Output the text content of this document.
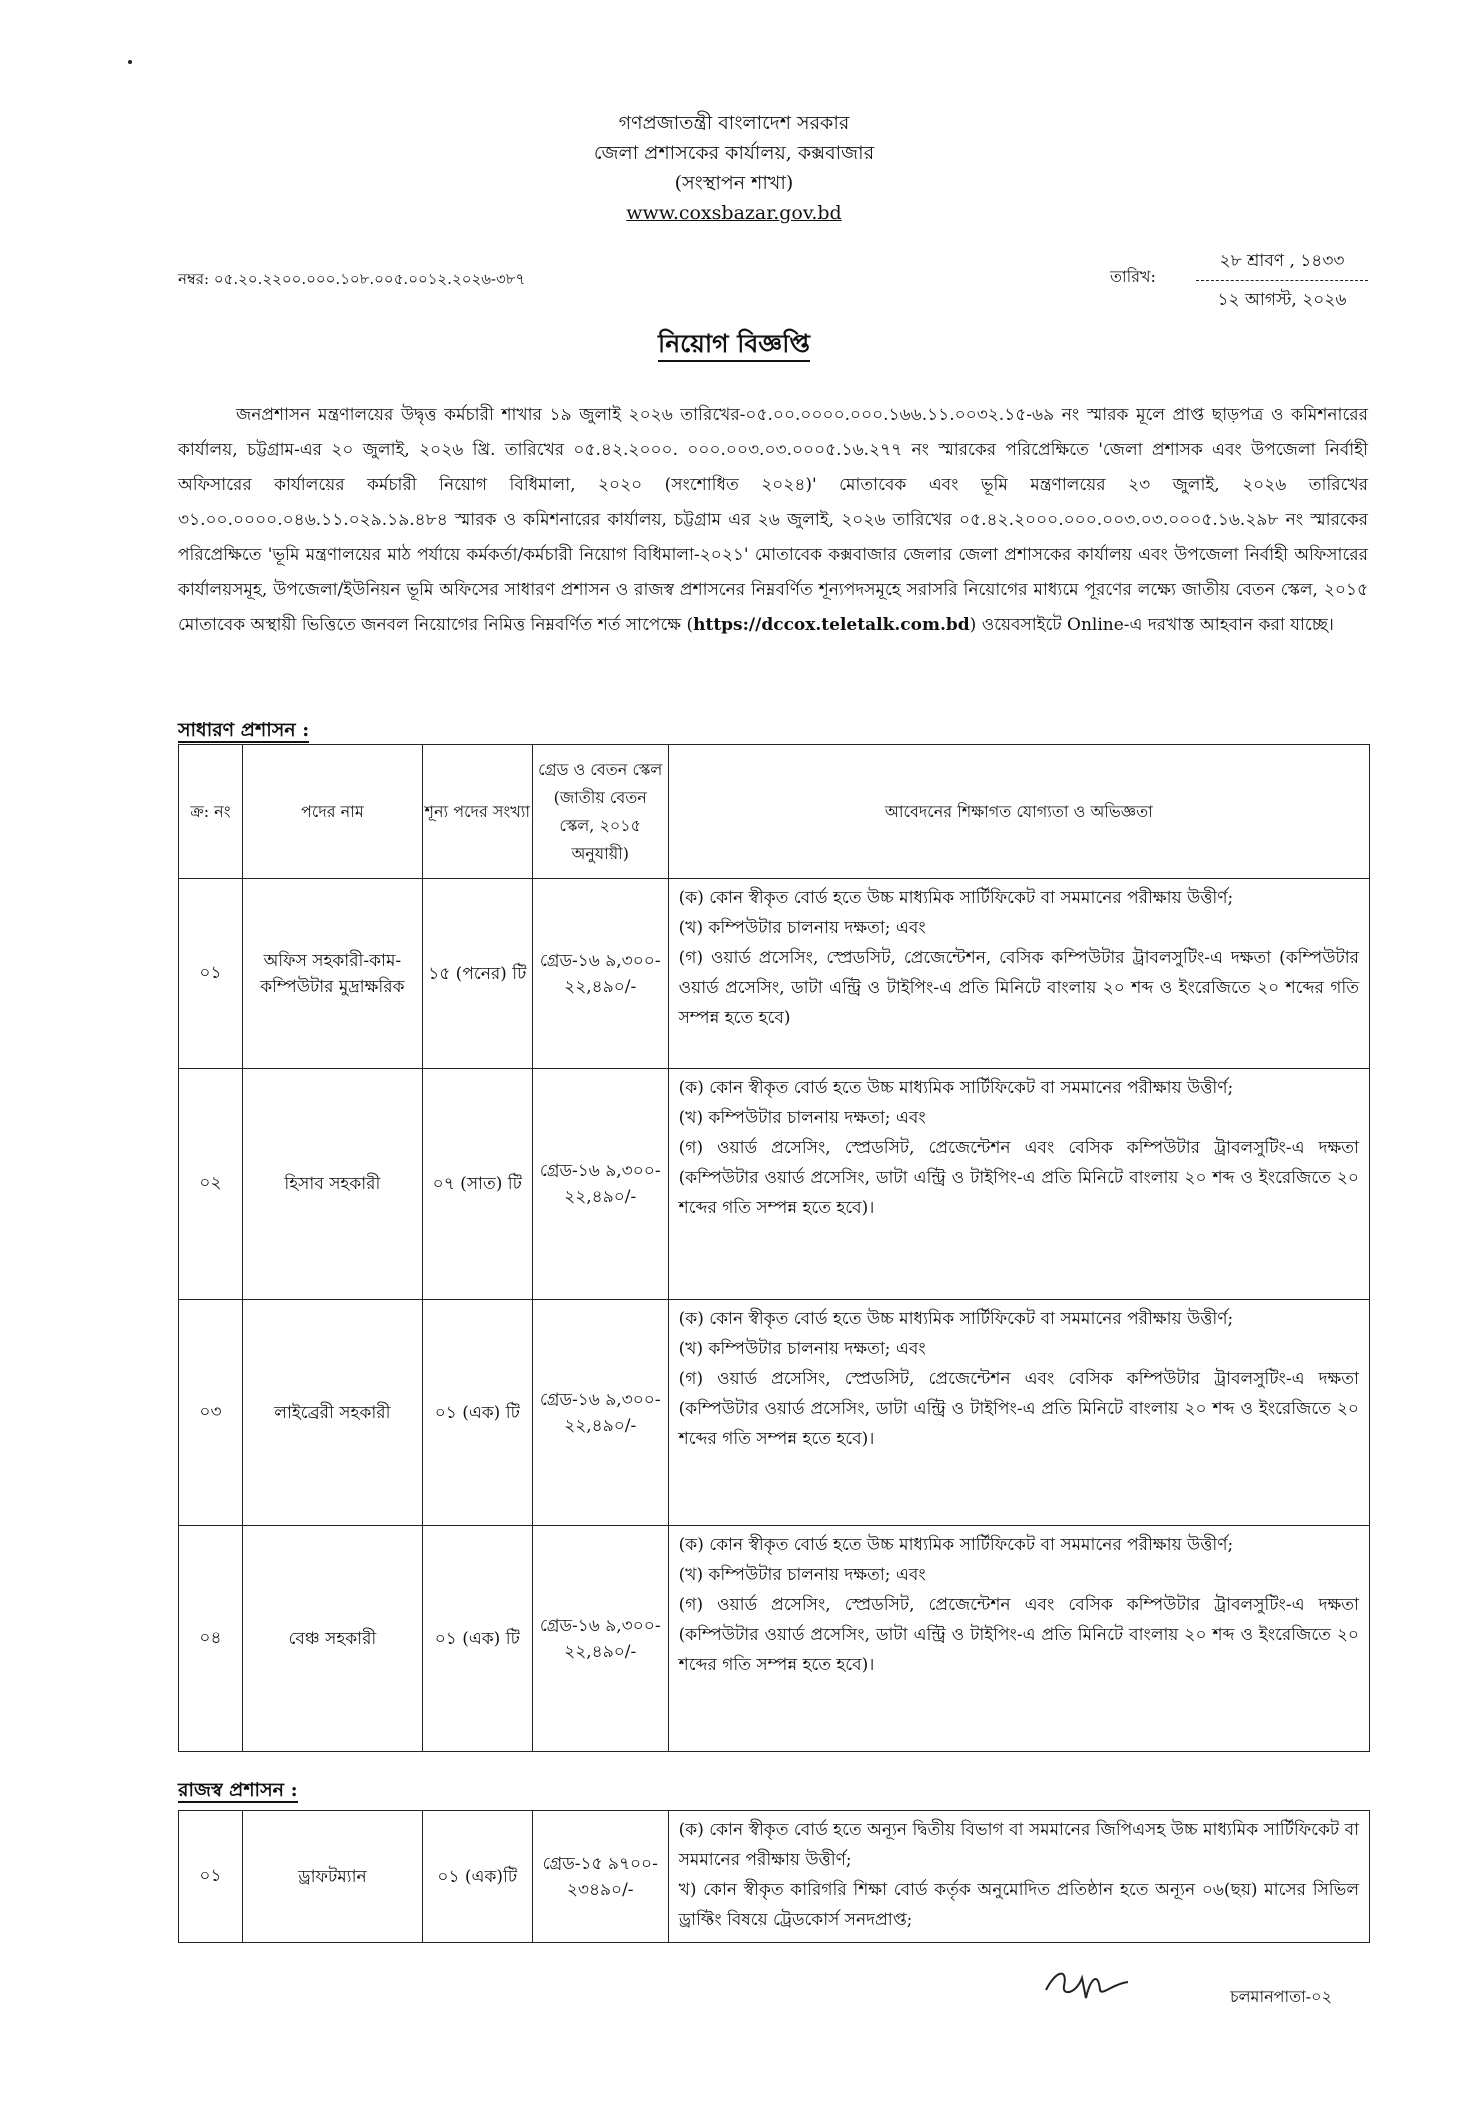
গণপ্রজাতন্ত্রী বাংলাদেশ সরকার
জেলা প্রশাসকের কার্যালয়, কক্সবাজার
(সংস্থাপন শাখা)
www.coxsbazar.gov.bd
নম্বর: ০৫.২০.২২০০.০০০.১০৮.০০৫.০০১২.২০২৬-৩৮৭	তারিখ:
২৮ শ্রাবণ , ১৪৩৩
১২ আগস্ট, ২০২৬
নিয়োগ বিজ্ঞপ্তি
জনপ্রশাসন মন্ত্রণালয়ের উদ্বৃত্ত কর্মচারী শাখার ১৯ জুলাই ২০২৬ তারিখের-০৫.০০.০০০০.০০০.১৬৬.১১.০০৩২.১৫-৬৯ নং স্মারক মূলে প্রাপ্ত ছাড়পত্র ও কমিশনারের কার্যালয়, চট্টগ্রাম-এর ২০ জুলাই, ২০২৬ খ্রি. তারিখের ০৫.৪২.২০০০. ০০০.০০৩.০৩.০০০৫.১৬.২৭৭ নং স্মারকের পরিপ্রেক্ষিতে 'জেলা প্রশাসক এবং উপজেলা নির্বাহী অফিসারের কার্যালয়ের কর্মচারী নিয়োগ বিধিমালা, ২০২০ (সংশোধিত ২০২৪)' মোতাবেক এবং ভূমি মন্ত্রণালয়ের ২৩ জুলাই, ২০২৬ তারিখের ৩১.০০.০০০০.০৪৬.১১.০২৯.১৯.৪৮৪ স্মারক ও কমিশনারের কার্যালয়, চট্টগ্রাম এর ২৬ জুলাই, ২০২৬ তারিখের ০৫.৪২.২০০০.০০০.০০৩.০৩.০০০৫.১৬.২৯৮ নং স্মারকের পরিপ্রেক্ষিতে 'ভূমি মন্ত্রণালয়ের মাঠ পর্যায়ে কর্মকর্তা/কর্মচারী নিয়োগ বিধিমালা-২০২১' মোতাবেক কক্সবাজার জেলার জেলা প্রশাসকের কার্যালয় এবং উপজেলা নির্বাহী অফিসারের কার্যালয়সমূহ, উপজেলা/ইউনিয়ন ভূমি অফিসের সাধারণ প্রশাসন ও রাজস্ব প্রশাসনের নিম্নবর্ণিত শূন্যপদসমূহে সরাসরি নিয়োগের মাধ্যমে পূরণের লক্ষ্যে জাতীয় বেতন স্কেল, ২০১৫ মোতাবেক অস্থায়ী ভিত্তিতে জনবল নিয়োগের নিমিত্ত নিম্নবর্ণিত শর্ত সাপেক্ষে (https://dccox.teletalk.com.bd) ওয়েবসাইটে Online-এ দরখাস্ত আহবান করা যাচ্ছে।
সাধারণ প্রশাসন :
ক্র: নং	পদের নাম	শূন্য পদের সংখ্যা	গ্রেড ও বেতন স্কেল (জাতীয় বেতন স্কেল, ২০১৫ অনুযায়ী)	আবেদনের শিক্ষাগত যোগ্যতা ও অভিজ্ঞতা
০১	অফিস সহকারী-কাম-কম্পিউটার মুদ্রাক্ষরিক	১৫ (পনের) টি	গ্রেড-১৬ ৯,৩০০- ২২,৪৯০/-	(ক) কোন স্বীকৃত বোর্ড হতে উচ্চ মাধ্যমিক সার্টিফিকেট বা সমমানের পরীক্ষায় উত্তীর্ণ;

(খ) কম্পিউটার চালনায় দক্ষতা; এবং

(গ) ওয়ার্ড প্রসেসিং, স্প্রেডসিট, প্রেজেন্টেশন, বেসিক কম্পিউটার ট্রাবলসুটিং-এ দক্ষতা (কম্পিউটার ওয়ার্ড প্রসেসিং, ডাটা এন্ট্রি ও টাইপিং-এ প্রতি মিনিটে বাংলায় ২০ শব্দ ও ইংরেজিতে ২০ শব্দের গতি সম্পন্ন হতে হবে)

০২	হিসাব সহকারী	০৭ (সাত) টি	গ্রেড-১৬ ৯,৩০০- ২২,৪৯০/-	(ক) কোন স্বীকৃত বোর্ড হতে উচ্চ মাধ্যমিক সার্টিফিকেট বা সমমানের পরীক্ষায় উত্তীর্ণ;

(খ) কম্পিউটার চালনায় দক্ষতা; এবং

(গ) ওয়ার্ড প্রসেসিং, স্প্রেডসিট, প্রেজেন্টেশন এবং বেসিক কম্পিউটার ট্রাবলসুটিং-এ দক্ষতা (কম্পিউটার ওয়ার্ড প্রসেসিং, ডাটা এন্ট্রি ও টাইপিং-এ প্রতি মিনিটে বাংলায় ২০ শব্দ ও ইংরেজিতে ২০ শব্দের গতি সম্পন্ন হতে হবে)।

০৩	লাইব্রেরী সহকারী	০১ (এক) টি	গ্রেড-১৬ ৯,৩০০- ২২,৪৯০/-	(ক) কোন স্বীকৃত বোর্ড হতে উচ্চ মাধ্যমিক সার্টিফিকেট বা সমমানের পরীক্ষায় উত্তীর্ণ;

(খ) কম্পিউটার চালনায় দক্ষতা; এবং

(গ) ওয়ার্ড প্রসেসিং, স্প্রেডসিট, প্রেজেন্টেশন এবং বেসিক কম্পিউটার ট্রাবলসুটিং-এ দক্ষতা (কম্পিউটার ওয়ার্ড প্রসেসিং, ডাটা এন্ট্রি ও টাইপিং-এ প্রতি মিনিটে বাংলায় ২০ শব্দ ও ইংরেজিতে ২০ শব্দের গতি সম্পন্ন হতে হবে)।

০৪	বেঞ্চ সহকারী	০১ (এক) টি	গ্রেড-১৬ ৯,৩০০- ২২,৪৯০/-	(ক) কোন স্বীকৃত বোর্ড হতে উচ্চ মাধ্যমিক সার্টিফিকেট বা সমমানের পরীক্ষায় উত্তীর্ণ;

(খ) কম্পিউটার চালনায় দক্ষতা; এবং

(গ) ওয়ার্ড প্রসেসিং, স্প্রেডসিট, প্রেজেন্টেশন এবং বেসিক কম্পিউটার ট্রাবলসুটিং-এ দক্ষতা (কম্পিউটার ওয়ার্ড প্রসেসিং, ডাটা এন্ট্রি ও টাইপিং-এ প্রতি মিনিটে বাংলায় ২০ শব্দ ও ইংরেজিতে ২০ শব্দের গতি সম্পন্ন হতে হবে)।

রাজস্ব প্রশাসন :
০১	ড্রাফটম্যান	০১ (এক)টি	গ্রেড-১৫ ৯৭০০- ২৩৪৯০/-	

(ক) কোন স্বীকৃত বোর্ড হতে অন্যূন দ্বিতীয় বিভাগ বা সমমানের জিপিএসহ উচ্চ মাধ্যমিক সার্টিফিকেট বা সমমানের পরীক্ষায় উত্তীর্ণ;

খ) কোন স্বীকৃত কারিগরি শিক্ষা বোর্ড কর্তৃক অনুমোদিত প্রতিষ্ঠান হতে অন্যূন ০৬(ছয়) মাসের সিভিল ড্রাফ্টিং বিষয়ে ট্রেডকোর্স সনদপ্রাপ্ত;

চলমানপাতা-০২
